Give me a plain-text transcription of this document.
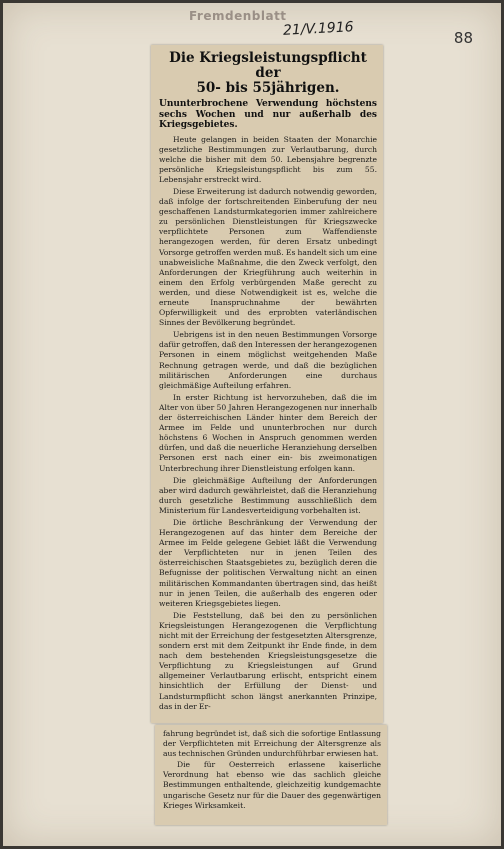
Fremdenblatt
21/V.1916	88
Die Kriegsleistungspflicht der
50- bis 55jährigen.
Ununterbrochene Verwendung höchstens sechs Wochen und nur außerhalb des Kriegsgebietes.

Heute gelangen in beiden Staaten der Monarchie gesetzliche Bestimmungen zur Verlautbarung, durch welche die bisher mit dem 50. Lebensjahre begrenzte persönliche Kriegsleistungspflicht bis zum 55. Lebensjahr erstreckt wird.

Diese Erweiterung ist dadurch notwendig geworden, daß infolge der fortschreitenden Einberufung der neu geschaffenen Landsturmkategorien immer zahlreichere zu persönlichen Dienstleistungen für Kriegszwecke verpflichtete Personen zum Waffendienste herangezogen werden, für deren Ersatz unbedingt Vorsorge getroffen werden muß. Es handelt sich um eine unabweisliche Maßnahme, die den Zweck verfolgt, den Anforderungen der Kriegführung auch weiterhin in einem den Erfolg verbürgenden Maße gerecht zu werden, und diese Notwendigkeit ist es, welche die erneute Inanspruchnahme der bewährten Opferwilligkeit und des erprobten vaterländischen Sinnes der Bevölkerung begründet.

Uebrigens ist in den neuen Bestimmungen Vorsorge dafür getroffen, daß den Interessen der herangezogenen Personen in einem möglichst weitgehenden Maße Rechnung getragen werde, und daß die bezüglichen militärischen Anforderungen eine durchaus gleichmäßige Aufteilung erfahren.

In erster Richtung ist hervorzuheben, daß die im Alter von über 50 Jahren Herangezogenen nur innerhalb der österreichischen Länder hinter dem Bereich der Armee im Felde und ununterbrochen nur durch höchstens 6 Wochen in Anspruch genommen werden dürfen, und daß die neuerliche Heranziehung derselben Personen erst nach einer ein- bis zweimonatigen Unterbrechung ihrer Dienstleistung erfolgen kann.

Die gleichmäßige Aufteilung der Anforderungen aber wird dadurch gewährleistet, daß die Heranziehung durch gesetzliche Bestimmung ausschließlich dem Ministerium für Landesverteidigung vorbehalten ist.

Die örtliche Beschränkung der Verwendung der Herangezogenen auf das hinter dem Bereiche der Armee im Felde gelegene Gebiet läßt die Verwendung der Verpflichteten nur in jenen Teilen des österreichischen Staatsgebietes zu, bezüglich deren die Befugnisse der politischen Verwaltung nicht an einen militärischen Kommandanten übertragen sind, das heißt nur in jenen Teilen, die außerhalb des engeren oder weiteren Kriegsgebietes liegen.

Die Feststellung, daß bei den zu persönlichen Kriegsleistungen Herangezogenen die Verpflichtung nicht mit der Erreichung der festgesetzten Altersgrenze, sondern erst mit dem Zeitpunkt ihr Ende finde, in dem nach dem bestehenden Kriegsleistungsgesetze die Verpflichtung zu Kriegsleistungen auf Grund allgemeiner Verlautbarung erlischt, entspricht einem hinsichtlich der Erfüllung der Dienst- und Landsturmpflicht schon längst anerkannten Prinzipe, das in der Er-

fahrung begründet ist, daß sich die sofortige Entlassung der Verpflichteten mit Erreichung der Altersgrenze als aus technischen Gründen undurchführbar erwiesen hat.

Die für Oesterreich erlassene kaiserliche Verordnung hat ebenso wie das sachlich gleiche Bestimmungen enthaltende, gleichzeitig kundgemachte ungarische Gesetz nur für die Dauer des gegenwärtigen Krieges Wirksamkeit.
